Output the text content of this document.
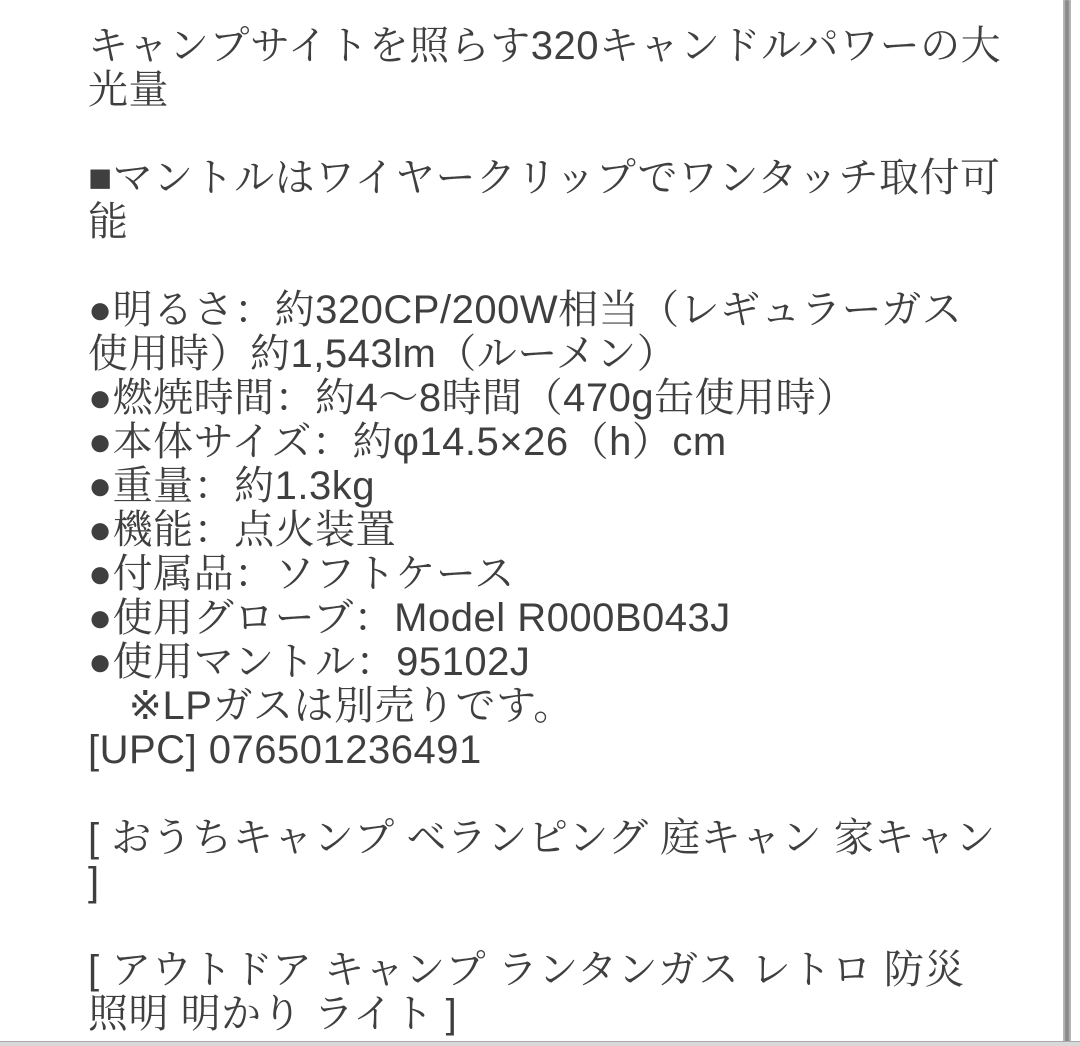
キャンプサイトを照らす320キャンドルパワーの大
光量
■マントルはワイヤークリップでワンタッチ取付可
能
●明るさ：約320CP/200W相当（レギュラーガス
使用時）約1,543lm（ルーメン）
●燃焼時間：約4〜8時間（470g缶使用時）
●本体サイズ：約φ14.5×26（h）cm
●重量：約1.3kg
●機能：点火装置
●付属品：ソフトケース
●使用グローブ：Model R000B043J
●使用マントル：95102J
　※LPガスは別売りです。
[UPC] 076501236491
[ おうちキャンプ ベランピング 庭キャン 家キャン
]
[ アウトドア キャンプ ランタンガス レトロ 防災
照明 明かり ライト ]
